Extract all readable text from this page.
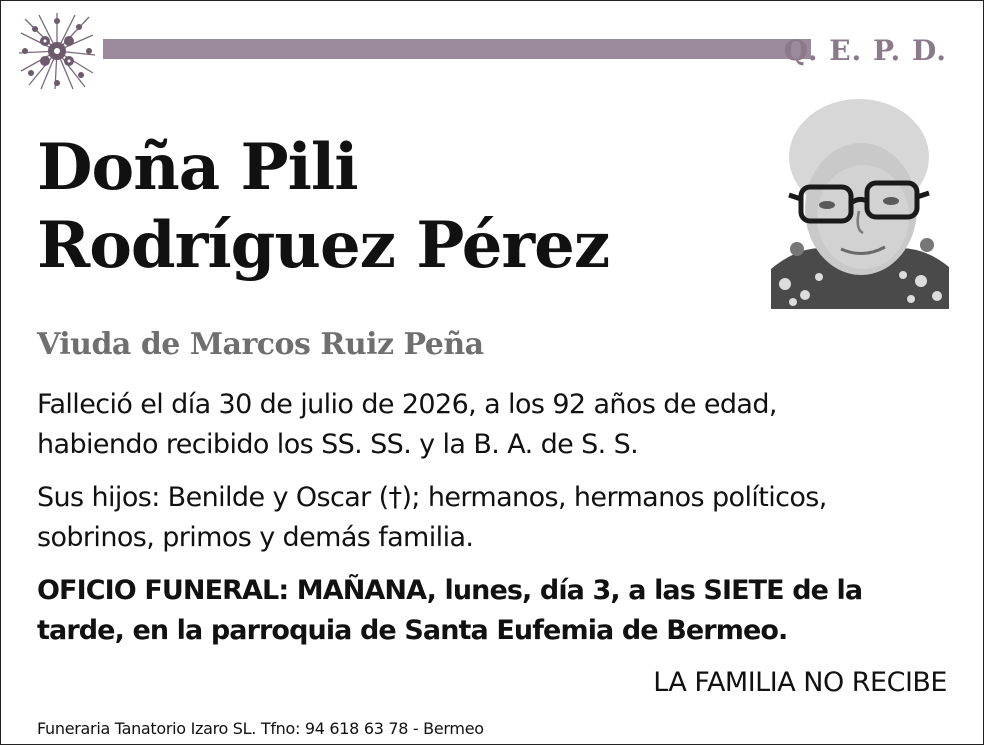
Q. E. P. D.
Doña Pili
Rodríguez Pérez
Viuda de Marcos Ruiz Peña
Falleció el día 30 de julio de 2026, a los 92 años de edad,
habiendo recibido los SS. SS. y la B. A. de S. S.
Sus hijos: Benilde y Oscar (†); hermanos, hermanos políticos,
sobrinos, primos y demás familia.
OFICIO FUNERAL: MAÑANA, lunes, día 3, a las SIETE de la
tarde, en la parroquia de Santa Eufemia de Bermeo.
LA FAMILIA NO RECIBE
Funeraria Tanatorio Izaro SL. Tfno: 94 618 63 78 - Bermeo
